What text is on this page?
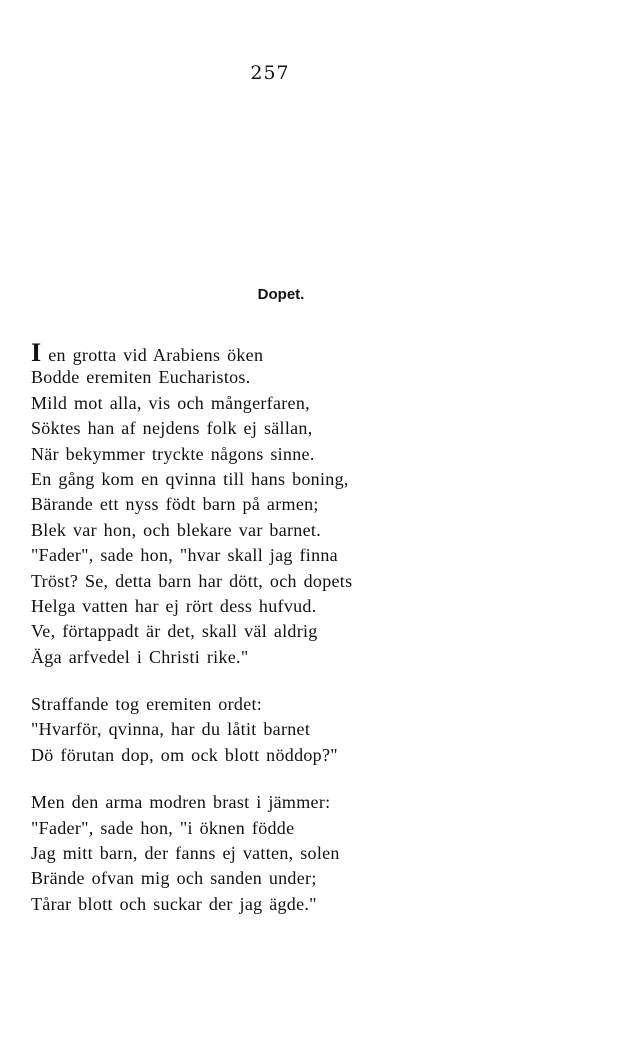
257
Dopet.
I en grotta vid Arabiens öken
Bodde eremiten Eucharistos.
Mild mot alla, vis och mångerfaren,
Söktes han af nejdens folk ej sällan,
När bekymmer tryckte någons sinne.
En gång kom en qvinna till hans boning,
Bärande ett nyss födt barn på armen;
Blek var hon, och blekare var barnet.
"Fader", sade hon, "hvar skall jag finna
Tröst? Se, detta barn har dött, och dopets
Helga vatten har ej rört dess hufvud.
Ve, förtappadt är det, skall väl aldrig
Äga arfvedel i Christi rike."
Straffande tog eremiten ordet:
"Hvarför, qvinna, har du låtit barnet
Dö förutan dop, om ock blott nöddop?"
Men den arma modren brast i jämmer:
"Fader", sade hon, "i öknen födde
Jag mitt barn, der fanns ej vatten, solen
Brände ofvan mig och sanden under;
Tårar blott och suckar der jag ägde."
